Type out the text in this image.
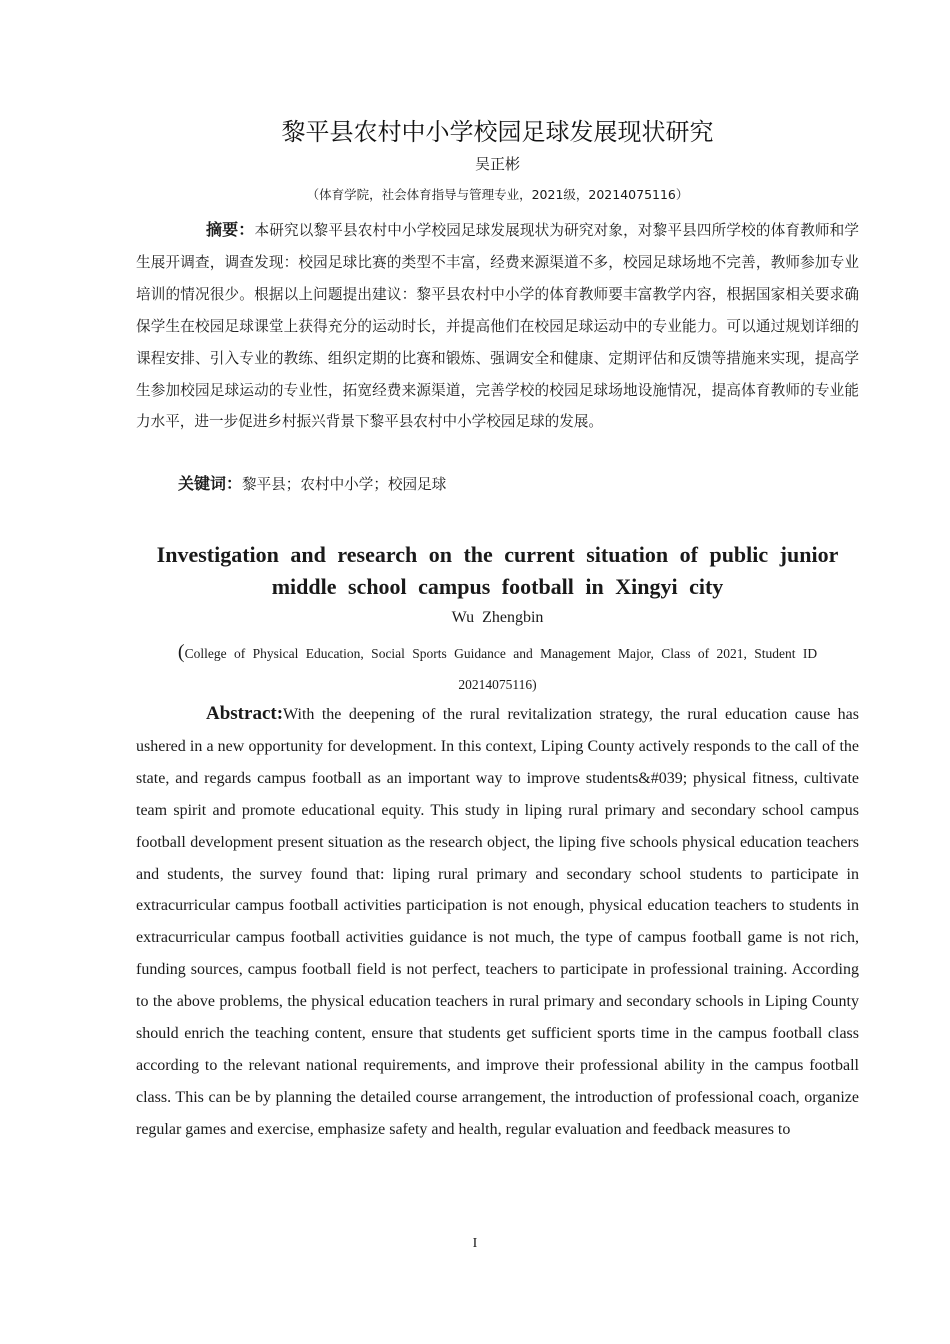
黎平县农村中小学校园足球发展现状研究
吴正彬
（体育学院，社会体育指导与管理专业，2021级，20214075116）

摘要：本研究以黎平县农村中小学校园足球发展现状为研究对象，对黎平县四所学校的体育教师和学生展开调查，调查发现：校园足球比赛的类型不丰富，经费来源渠道不多，校园足球场地不完善，教师参加专业培训的情况很少。根据以上问题提出建议：黎平县农村中小学的体育教师要丰富教学内容，根据国家相关要求确保学生在校园足球课堂上获得充分的运动时长，并提高他们在校园足球运动中的专业能力。可以通过规划详细的课程安排、引入专业的教练、组织定期的比赛和锻炼、强调安全和健康、定期评估和反馈等措施来实现，提高学生参加校园足球运动的专业性，拓宽经费来源渠道，完善学校的校园足球场地设施情况，提高体育教师的专业能力水平，进一步促进乡村振兴背景下黎平县农村中小学校园足球的发展。

关键词：黎平县；农村中小学；校园足球

Investigation and research on the current situation of public junior middle school campus football in Xingyi city
Wu Zhengbin
(College of Physical Education, Social Sports Guidance and Management Major, Class of 2021, Student ID 20214075116)

Abstract:With the deepening of the rural revitalization strategy, the rural education cause has ushered in a new opportunity for development. In this context, Liping County actively responds to the call of the state, and regards campus football as an important way to improve students&#039; physical fitness, cultivate team spirit and promote educational equity. This study in liping rural primary and secondary school campus football development present situation as the research object, the liping five schools physical education teachers and students, the survey found that: liping rural primary and secondary school students to participate in extracurricular campus football activities participation is not enough, physical education teachers to students in extracurricular campus football activities guidance is not much, the type of campus football game is not rich, funding sources, campus football field is not perfect, teachers to participate in professional training. According to the above problems, the physical education teachers in rural primary and secondary schools in Liping County should enrich the teaching content, ensure that students get sufficient sports time in the campus football class according to the relevant national requirements, and improve their professional ability in the campus football class. This can be by planning the detailed course arrangement, the introduction of professional coach, organize regular games and exercise, emphasize safety and health, regular evaluation and feedback measures to

I
